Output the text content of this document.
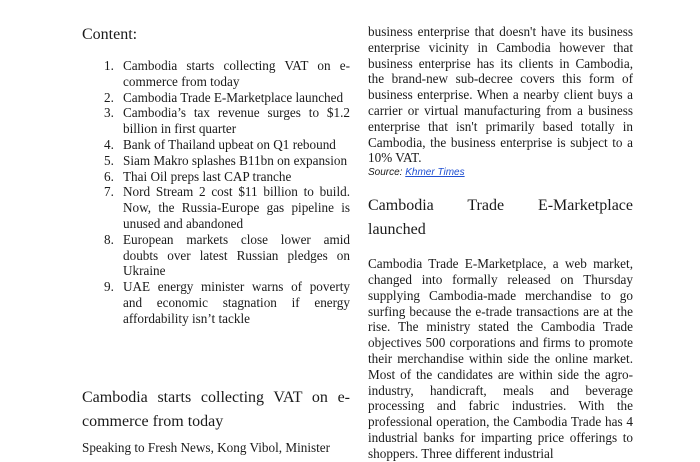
Content:
1. Cambodia starts collecting VAT on e-commerce from today
2. Cambodia Trade E-Marketplace launched
3. Cambodia’s tax revenue surges to $1.2 billion in first quarter
4. Bank of Thailand upbeat on Q1 rebound
5. Siam Makro splashes B11bn on expansion
6. Thai Oil preps last CAP tranche
7. Nord Stream 2 cost $11 billion to build. Now, the Russia-Europe gas pipeline is unused and abandoned
8. European markets close lower amid doubts over latest Russian pledges on Ukraine
9. UAE energy minister warns of poverty and economic stagnation if energy affordability isn’t tackle
Cambodia starts collecting VAT on e-commerce from today

Speaking to Fresh News, Kong Vibol, Minister

business enterprise that doesn't have its business enterprise vicinity in Cambodia however that business enterprise has its clients in Cambodia, the brand-new sub-decree covers this form of business enterprise. When a nearby client buys a carrier or virtual manufacturing from a business enterprise that isn't primarily based totally in Cambodia, the business enterprise is subject to a 10% VAT.

Source: Khmer Times

Cambodia Trade E-Marketplace
launched

Cambodia Trade E-Marketplace, a web market, changed into formally released on Thursday supplying Cambodia-made merchandise to go surfing because the e-trade transactions are at the rise. The ministry stated the Cambodia Trade objectives 500 corporations and firms to promote their merchandise within side the online market. Most of the candidates are within side the agro-industry, handicraft, meals and beverage processing and fabric industries. With the professional operation, the Cambodia Trade has 4 industrial banks for imparting price offerings to shoppers. Three different industrial
